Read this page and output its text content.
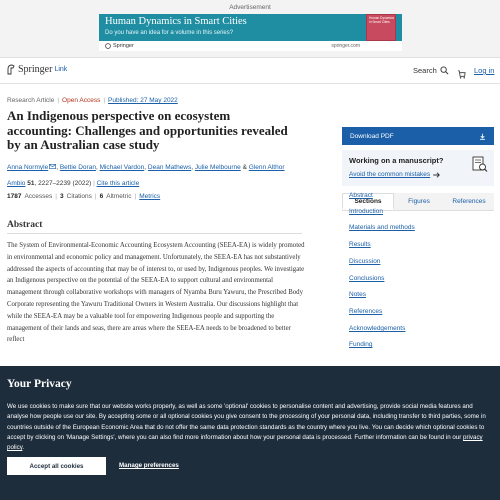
Advertisement
Human Dynamics in Smart Cities
Do you have an idea for a volume in this series?
Human Dynamics in Smart Cities
Springer	springer.com
Springer Link	Search	Log in
Research Article | Open Access | Published: 27 May 2022
An Indigenous perspective on ecosystem accounting: Challenges and opportunities revealed by an Australian case study
Anna Normyle , Bettie Doran, Michael Vardon, Dean Mathews, Julie Melbourne & Glenn Althor
Ambio 51, 2227–2239 (2022) | Cite this article
1787 Accesses | 3 Citations | 6 Altmetric | Metrics
Abstract

The System of Environmental-Economic Accounting Ecosystem Accounting (SEEA-EA) is widely promoted in environmental and economic policy and management. Unfortunately, the SEEA-EA has not substantively addressed the aspects of accounting that may be of interest to, or used by, Indigenous peoples. We investigate an Indigenous perspective on the potential of the SEEA-EA to support cultural and environmental management through collaborative workshops with managers of Nyamba Buru Yawuru, the Prescribed Body Corporate representing the Yawuru Traditional Owners in Western Australia. Our discussions highlight that while the SEEA-EA may be a valuable tool for empowering Indigenous people and supporting the management of their lands and seas, there are areas where the SEEA-EA needs to be broadened to better reflect

Download PDF
Working on a manuscript?
Avoid the common mistakes
Sections	Figures	References
Abstract
Introduction
Materials and methods
Results
Discussion
Conclusions
Notes
References
Acknowledgements
Funding
Your Privacy

We use cookies to make sure that our website works properly, as well as some 'optional' cookies to personalise content and advertising, provide social media features and analyse how people use our site. By accepting some or all optional cookies you give consent to the processing of your personal data, including transfer to third parties, some in countries outside of the European Economic Area that do not offer the same data protection standards as the country where you live. You can decide which optional cookies to accept by clicking on 'Manage Settings', where you can also find more information about how your personal data is processed. Further information can be found in our privacy policy.

Accept all cookies	Manage preferences
